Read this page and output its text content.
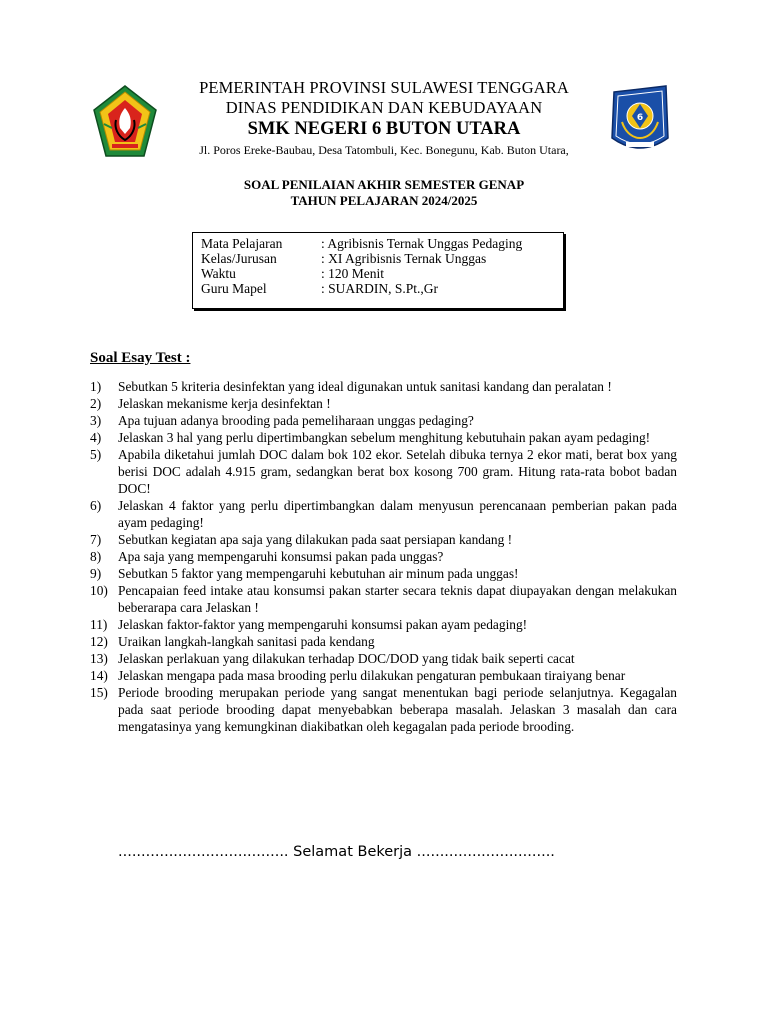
PEMERINTAH PROVINSI SULAWESI TENGGARA
DINAS PENDIDIKAN DAN KEBUDAYAAN
SMK NEGERI 6 BUTON UTARA
Jl. Poros Ereke-Baubau, Desa Tatombuli, Kec. Bonegunu, Kab. Buton Utara,
6
SOAL PENILAIAN AKHIR SEMESTER GENAP
TAHUN PELAJARAN 2024/2025
Mata Pelajaran	: Agribisnis Ternak Unggas Pedaging
Kelas/Jurusan	: XI Agribisnis Ternak Unggas
Waktu	: 120 Menit
Guru Mapel	: SUARDIN, S.Pt.,Gr
Soal Esay Test :
1) Sebutkan 5 kriteria desinfektan yang ideal digunakan untuk sanitasi kandang dan peralatan !
2) Jelaskan mekanisme kerja desinfektan !
3) Apa tujuan adanya brooding pada pemeliharaan unggas pedaging?
4) Jelaskan 3 hal yang perlu dipertimbangkan sebelum menghitung kebutuhain pakan ayam pedaging!
5) Apabila diketahui jumlah DOC dalam bok 102 ekor. Setelah dibuka ternya 2 ekor mati, berat box yang berisi DOC adalah 4.915 gram, sedangkan berat box kosong 700 gram. Hitung rata-rata bobot badan DOC!
6) Jelaskan 4 faktor yang perlu dipertimbangkan dalam menyusun perencanaan pemberian pakan pada ayam pedaging!
7) Sebutkan kegiatan apa saja yang dilakukan pada saat persiapan kandang !
8) Apa saja yang mempengaruhi konsumsi pakan pada unggas?
9) Sebutkan 5 faktor yang mempengaruhi kebutuhan air minum pada unggas!
10) Pencapaian feed intake atau konsumsi pakan starter secara teknis dapat diupayakan dengan melakukan beberarapa cara Jelaskan !
11) Jelaskan faktor-faktor yang mempengaruhi konsumsi pakan ayam pedaging!
12) Uraikan langkah-langkah sanitasi pada kendang
13) Jelaskan perlakuan yang dilakukan terhadap DOC/DOD yang tidak baik seperti cacat
14) Jelaskan mengapa pada masa brooding perlu dilakukan pengaturan pembukaan tiraiyang benar
15) Periode brooding merupakan periode yang sangat menentukan bagi periode selanjutnya. Kegagalan pada saat periode brooding dapat menyebabkan beberapa masalah. Jelaskan 3 masalah dan cara mengatasinya yang kemungkinan diakibatkan oleh kegagalan pada periode brooding.
..................................... Selamat Bekerja ..............................
